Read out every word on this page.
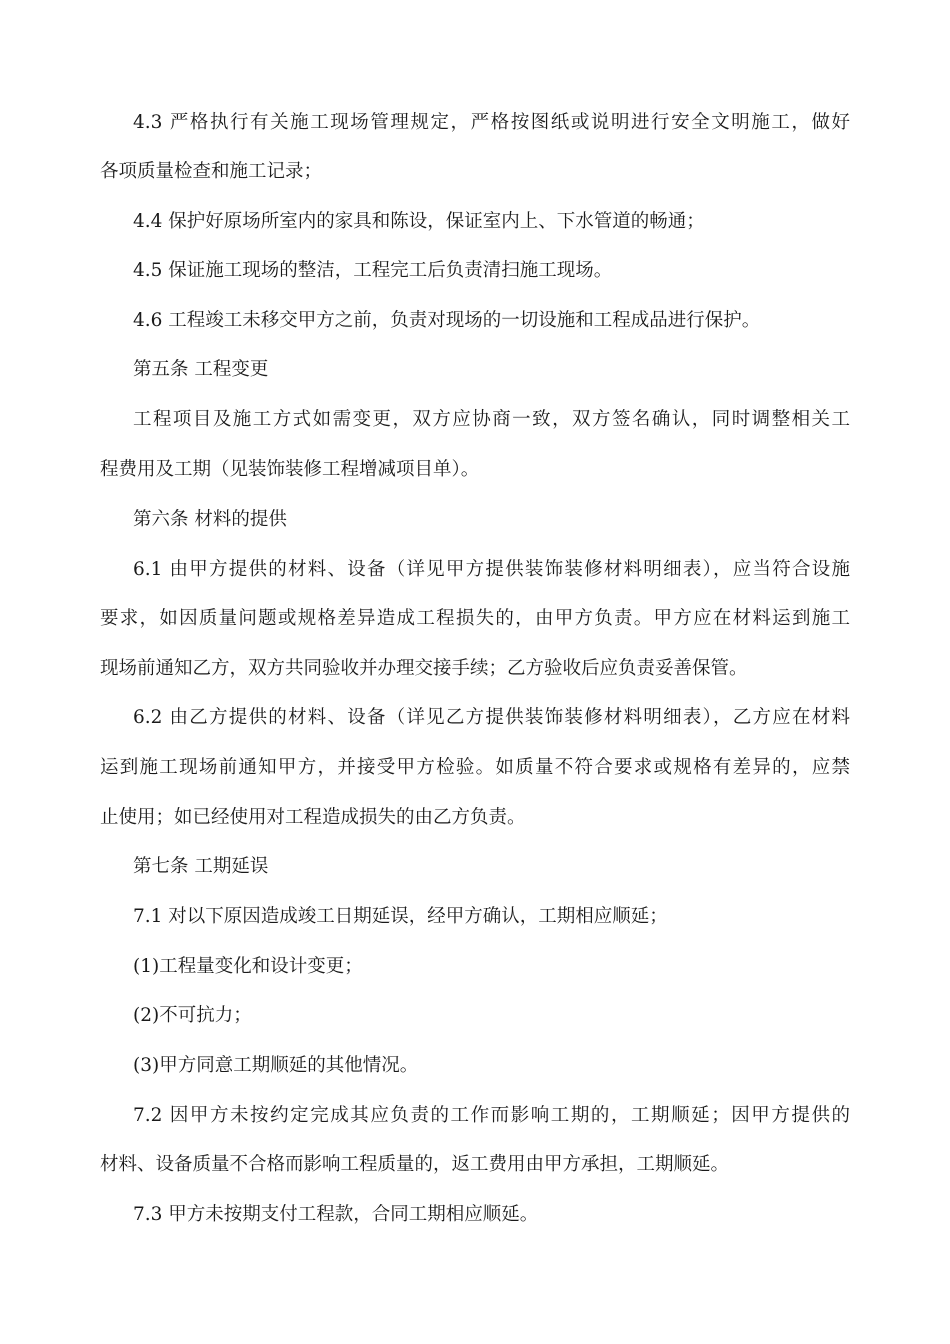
4.3 严格执行有关施工现场管理规定，严格按图纸或说明进行安全文明施工，做好
各项质量检查和施工记录；
4.4 保护好原场所室内的家具和陈设，保证室内上、下水管道的畅通；
4.5 保证施工现场的整洁，工程完工后负责清扫施工现场。
4.6 工程竣工未移交甲方之前，负责对现场的一切设施和工程成品进行保护。
第五条 工程变更
工程项目及施工方式如需变更，双方应协商一致，双方签名确认，同时调整相关工
程费用及工期（见装饰装修工程增减项目单）。
第六条 材料的提供
6.1 由甲方提供的材料、设备（详见甲方提供装饰装修材料明细表），应当符合设施
要求，如因质量问题或规格差异造成工程损失的，由甲方负责。甲方应在材料运到施工
现场前通知乙方，双方共同验收并办理交接手续；乙方验收后应负责妥善保管。
6.2 由乙方提供的材料、设备（详见乙方提供装饰装修材料明细表），乙方应在材料
运到施工现场前通知甲方，并接受甲方检验。如质量不符合要求或规格有差异的，应禁
止使用；如已经使用对工程造成损失的由乙方负责。
第七条 工期延误
7.1 对以下原因造成竣工日期延误，经甲方确认，工期相应顺延；
(1)工程量变化和设计变更；
(2)不可抗力；
(3)甲方同意工期顺延的其他情况。
7.2 因甲方未按约定完成其应负责的工作而影响工期的，工期顺延；因甲方提供的
材料、设备质量不合格而影响工程质量的，返工费用由甲方承担，工期顺延。
7.3 甲方未按期支付工程款，合同工期相应顺延。
